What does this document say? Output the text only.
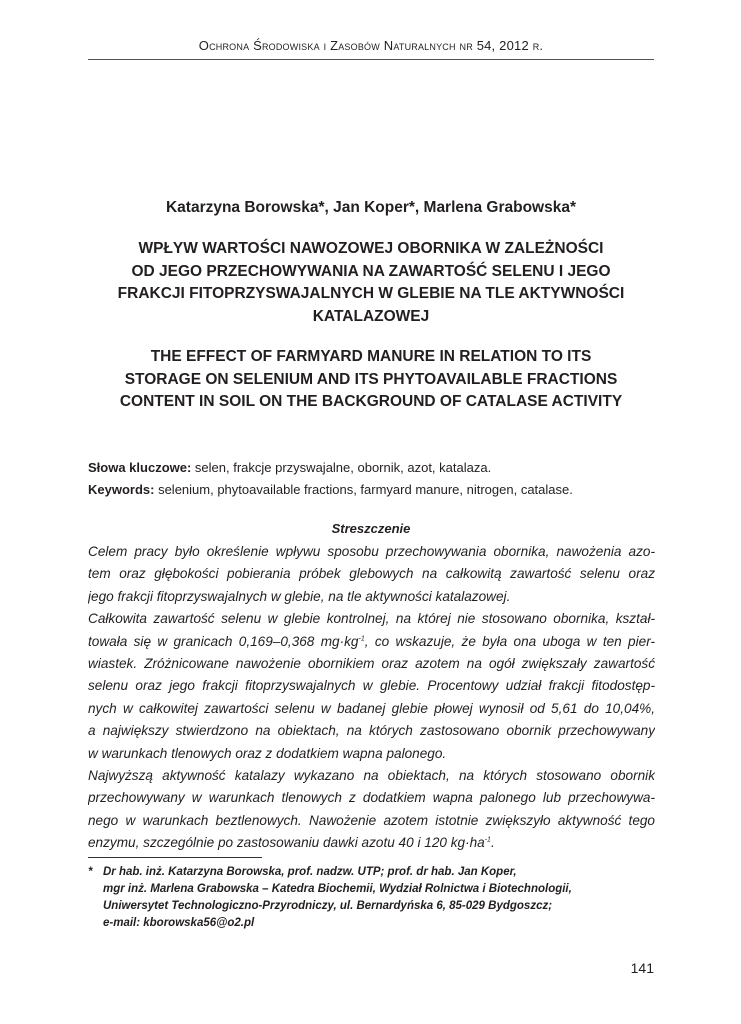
Ochrona Środowiska i Zasobów Naturalnych nr 54, 2012 r.
Katarzyna Borowska*, Jan Koper*, Marlena Grabowska*
WPŁYW WARTOŚCI NAWOZOWEJ OBORNIKA W ZALEŻNOŚCI
OD JEGO PRZECHOWYWANIA NA ZAWARTOŚĆ SELENU I JEGO
FRAKCJI FITOPRZYSWAJALNYCH W GLEBIE NA TLE AKTYWNOŚCI
KATALAZOWEJ
THE EFFECT OF FARMYARD MANURE IN RELATION TO ITS
STORAGE ON SELENIUM AND ITS PHYTOAVAILABLE FRACTIONS
CONTENT IN SOIL ON THE BACKGROUND OF CATALASE ACTIVITY
Słowa kluczowe: selen, frakcje przyswajalne, obornik, azot, katalaza.
Keywords: selenium, phytoavailable fractions, farmyard manure, nitrogen, catalase.
Streszczenie
Celem pracy było określenie wpływu sposobu przechowywania obornika, nawożenia azo-
tem oraz głębokości pobierania próbek glebowych na całkowitą zawartość selenu oraz
jego frakcji fitoprzyswajalnych w glebie, na tle aktywności katalazowej.
Całkowita zawartość selenu w glebie kontrolnej, na której nie stosowano obornika, kształ-
towała się w granicach 0,169–0,368 $mg\cdot kg^{-1}$, co wskazuje, że była ona uboga w ten pier-
wiastek. Zróżnicowane nawożenie obornikiem oraz azotem na ogół zwiększały zawartość
selenu oraz jego frakcji fitoprzyswajalnych w glebie. Procentowy udział frakcji fitodostęp-
nych w całkowitej zawartości selenu w badanej glebie płowej wynosił od 5,61 do 10,04%,
a największy stwierdzono na obiektach, na których zastosowano obornik przechowywany
w warunkach tlenowych oraz z dodatkiem wapna palonego.
Najwyższą aktywność katalazy wykazano na obiektach, na których stosowano obornik
przechowywany w warunkach tlenowych z dodatkiem wapna palonego lub przechowywa-
nego w warunkach beztlenowych. Nawożenie azotem istotnie zwiększyło aktywność tego
enzymu, szczególnie po zastosowaniu dawki azotu 40 i 120 $kg\cdot ha^{-1}$.
* Dr hab. inż. Katarzyna Borowska, prof. nadzw. UTP; prof. dr hab. Jan Koper,
mgr inż. Marlena Grabowska – Katedra Biochemii, Wydział Rolnictwa i Biotechnologii,
Uniwersytet Technologiczno-Przyrodniczy, ul. Bernardyńska 6, 85-029 Bydgoszcz;
e-mail: kborowska56@o2.pl
141
